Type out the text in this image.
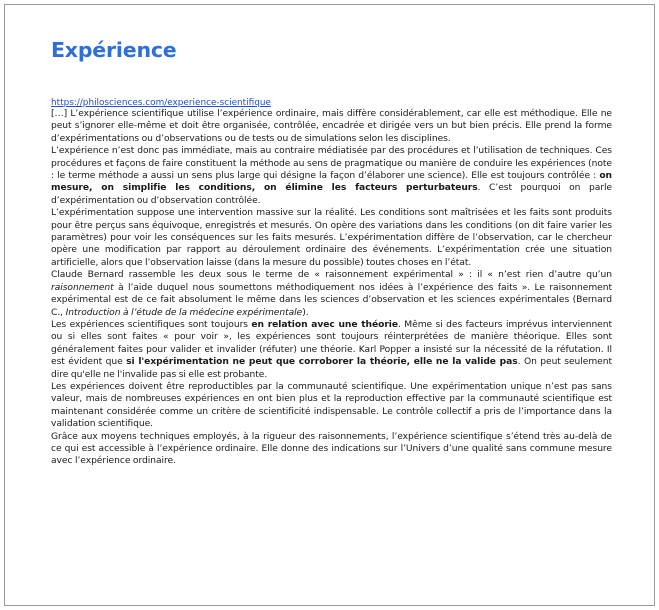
Expérience
https://philosciences.com/experience-scientifique

[…] L’expérience scientifique utilise l’expérience ordinaire, mais diffère considérablement, car elle est méthodique. Elle ne peut s’ignorer elle-même et doit être organisée, contrôlée, encadrée et dirigée vers un but bien précis. Elle prend la forme d’expérimentations ou d’observations ou de tests ou de simulations selon les disciplines.

L’expérience n’est donc pas immédiate, mais au contraire médiatisée par des procédures et l’utilisation de techniques. Ces procédures et façons de faire constituent la méthode au sens de pragmatique ou manière de conduire les expériences (note : le terme méthode a aussi un sens plus large qui désigne la façon d’élaborer une science). Elle est toujours contrôlée : on mesure, on simplifie les conditions, on élimine les facteurs perturbateurs. C’est pourquoi on parle d’expérimentation ou d’observation contrôlée.

L’expérimentation suppose une intervention massive sur la réalité. Les conditions sont maîtrisées et les faits sont produits pour être perçus sans équivoque, enregistrés et mesurés. On opère des variations dans les conditions (on dit faire varier les paramètres) pour voir les conséquences sur les faits mesurés. L’expérimentation diffère de l’observation, car le chercheur opère une modification par rapport au déroulement ordinaire des événements. L’expérimentation crée une situation artificielle, alors que l’observation laisse (dans la mesure du possible) toutes choses en l’état.

Claude Bernard rassemble les deux sous le terme de « raisonnement expérimental » : il « n’est rien d’autre qu’un raisonnement à l’aide duquel nous soumettons méthodiquement nos idées à l’expérience des faits ». Le raisonnement expérimental est de ce fait absolument le même dans les sciences d’observation et les sciences expérimentales (Bernard C., Introduction à l’étude de la médecine expérimentale).

Les expériences scientifiques sont toujours en relation avec une théorie. Même si des facteurs imprévus interviennent ou si elles sont faites « pour voir », les expériences sont toujours réinterprétées de manière théorique. Elles sont généralement faites pour valider et invalider (réfuter) une théorie. Karl Popper a insisté sur la nécessité de la réfutation. Il est évident que si l'expérimentation ne peut que corroborer la théorie, elle ne la valide pas. On peut seulement dire qu'elle ne l'invalide pas si elle est probante.

Les expériences doivent être reproductibles par la communauté scientifique. Une expérimentation unique n’est pas sans valeur, mais de nombreuses expériences en ont bien plus et la reproduction effective par la communauté scientifique est maintenant considérée comme un critère de scientificité indispensable. Le contrôle collectif a pris de l’importance dans la validation scientifique.

Grâce aux moyens techniques employés, à la rigueur des raisonnements, l’expérience scientifique s’étend très au-delà de ce qui est accessible à l’expérience ordinaire. Elle donne des indications sur l’Univers d’une qualité sans commune mesure avec l’expérience ordinaire.
